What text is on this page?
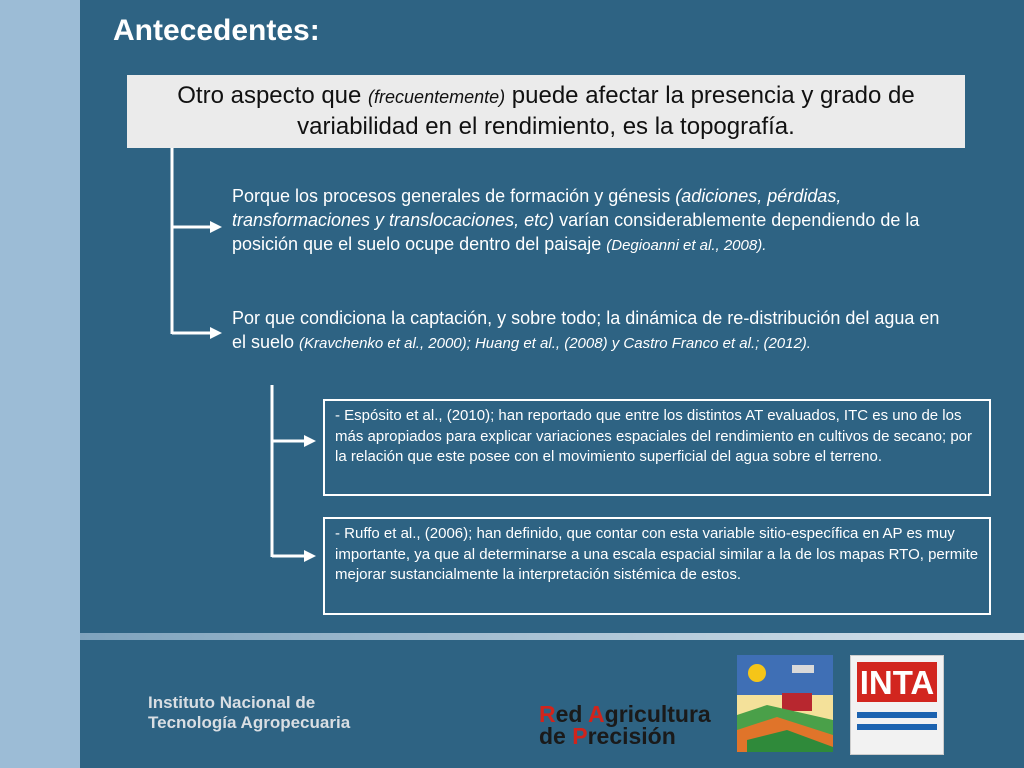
Antecedentes:
Otro aspecto que (frecuentemente) puede afectar la presencia y grado de variabilidad en el rendimiento, es la topografía.
Porque los procesos generales de formación y génesis (adiciones, pérdidas, transformaciones y translocaciones, etc) varían considerablemente dependiendo de la posición que el suelo ocupe dentro del paisaje (Degioanni et al., 2008).
Por que condiciona la captación, y sobre todo; la dinámica de re-distribución del agua en el suelo (Kravchenko et al., 2000); Huang et al., (2008) y Castro Franco et al.; (2012).
- Espósito et al., (2010); han reportado que entre los distintos AT evaluados, ITC es uno de los más apropiados para explicar variaciones espaciales del rendimiento en cultivos de secano; por la relación que este posee con el movimiento superficial del agua sobre el terreno.
- Ruffo et al., (2006); han definido, que contar con esta variable sitio-específica en AP es muy importante, ya que al determinarse a una escala espacial similar a la de los mapas RTO, permite mejorar sustancialmente la interpretación sistémica de estos.
Instituto Nacional de
Tecnología Agropecuaria	Red Agricultura
de Precisión
INTA
